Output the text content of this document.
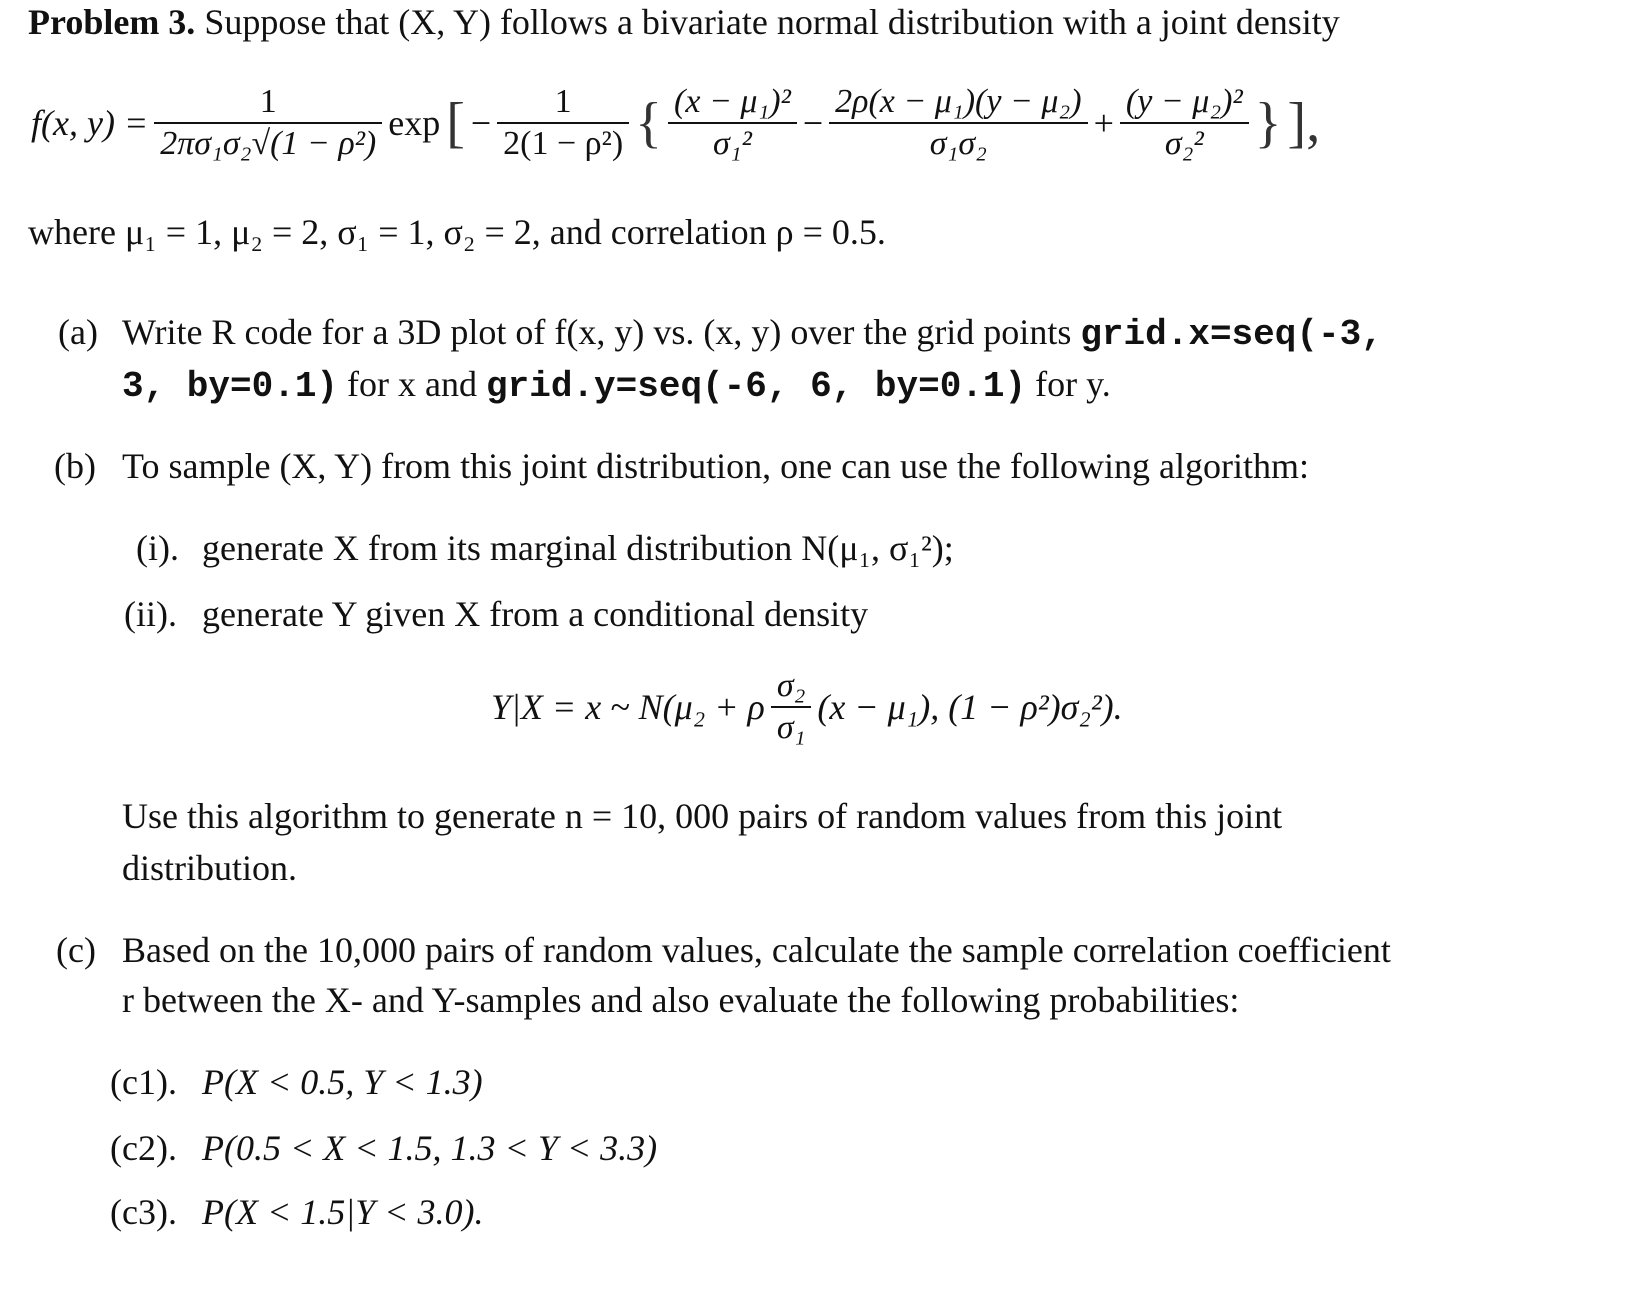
Problem 3. Suppose that (X, Y) follows a bivariate normal distribution with a joint density
f(x, $y) = \frac{1}{\text{2πσ₁σ₂√(1 − ρ²)}}$ exp [ − $\frac{1}{\text{2(1 − ρ²)}}$ { $\frac{\text{(x − μ₁)²}}{\text{σ₁²}} - \frac{\text{2ρ(x − μ₁)(y − μ₂)}}{\text{σ₁σ₂}} + \frac{\text{(y − μ₂)²}}{\text{σ₂²}}$ } ],
where μ₁ = 1, μ₂ = 2, σ₁ = 1, σ₂ = 2, and correlation ρ = 0.5.
(a) Write R code for a 3D plot of f(x, y) vs. (x, y) over the grid points grid.x=seq(-3,
3, by=0.1) for x and grid.y=seq(-6, 6, by=0.1) for y.
(b) To sample (X, Y) from this joint distribution, one can use the following algorithm:
(i). generate X from its marginal distribution N(μ₁, σ₁²);
(ii). generate Y given X from a conditional density
Y|X = x ~ N(μ₂ + ρ $\frac{\text{σ₂}}{\text{σ₁}} (x - \mu_1)$, (1 − ρ²)σ₂²).
Use this algorithm to generate n = 10, 000 pairs of random values from this joint
distribution.
(c) Based on the 10,000 pairs of random values, calculate the sample correlation coefficient
r between the X- and Y-samples and also evaluate the following probabilities:
(c1). P(X < 0.5, Y < 1.3)
(c2). P(0.5 < X < 1.5, 1.3 < Y < 3.3)
(c3). P(X < 1.5|Y < 3.0).
